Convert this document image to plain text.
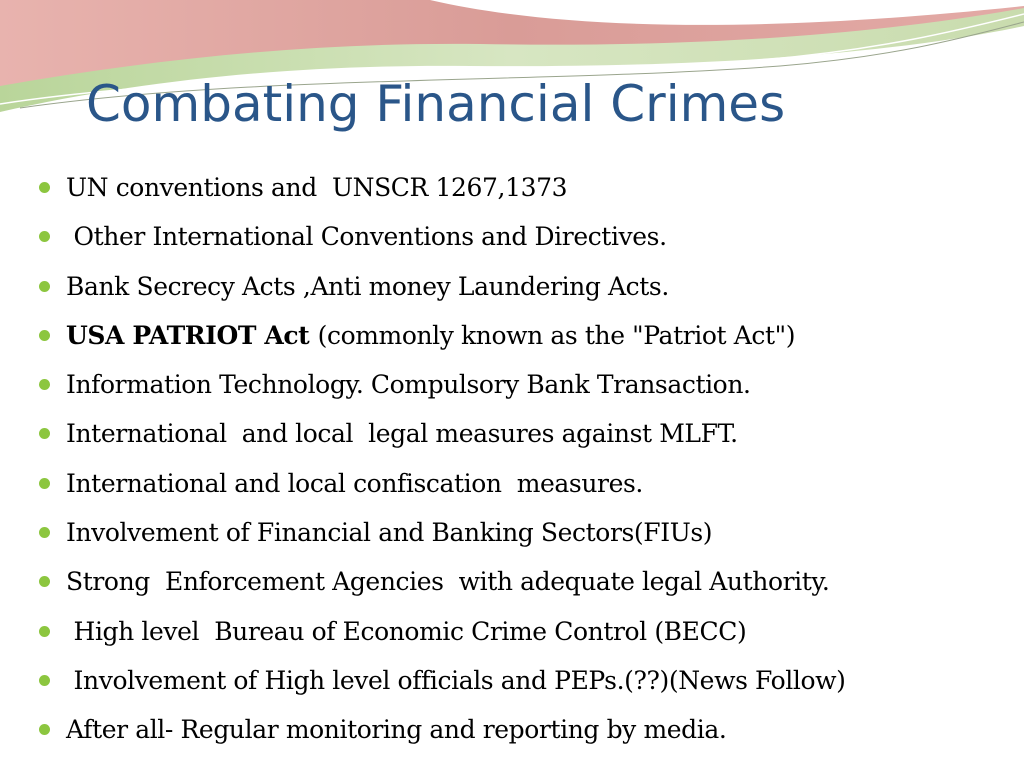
Combating Financial Crimes
UN conventions and  UNSCR 1267,1373
Other International Conventions and Directives.
Bank Secrecy Acts ,Anti money Laundering Acts.
USA PATRIOT Act (commonly known as the "Patriot Act")
Information Technology. Compulsory Bank Transaction.
International  and local  legal measures against MLFT.
International and local confiscation  measures.
Involvement of Financial and Banking Sectors(FIUs)
Strong  Enforcement Agencies  with adequate legal Authority.
High level  Bureau of Economic Crime Control (BECC)
Involvement of High level officials and PEPs.(??)(News Follow)
After all- Regular monitoring and reporting by media.
